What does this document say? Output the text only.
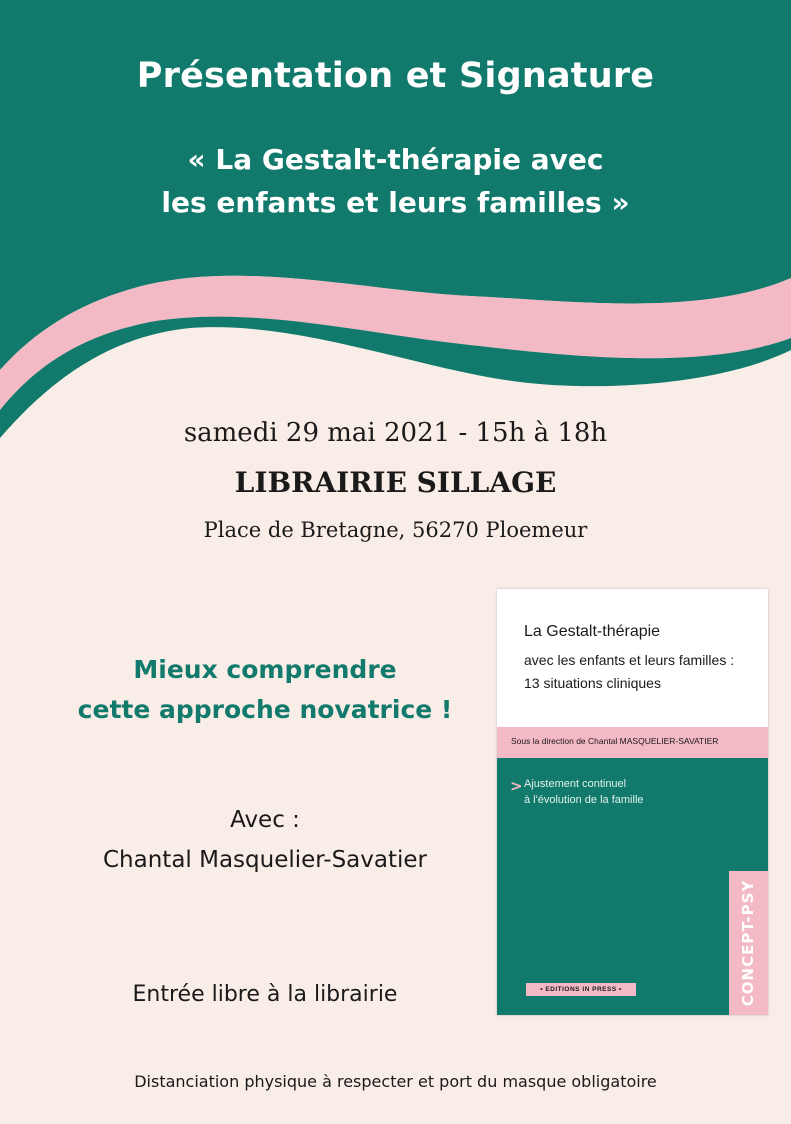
Présentation et Signature
« La Gestalt-thérapie avec
les enfants et leurs familles »
samedi 29 mai 2021 - 15h à 18h
LIBRAIRIE SILLAGE
Place de Bretagne, 56270 Ploemeur
Mieux comprendre
cette approche novatrice !
Avec :
Chantal Masquelier-Savatier
Entrée libre à la librairie
La Gestalt-thérapie
avec les enfants et leurs familles :
13 situations cliniques
Sous la direction de Chantal MASQUELIER-SAVATIER
> Ajustement continuel
à l'évolution de la famille
CONCEPT-PSY
• EDITIONS IN PRESS •
Distanciation physique à respecter et port du masque obligatoire
